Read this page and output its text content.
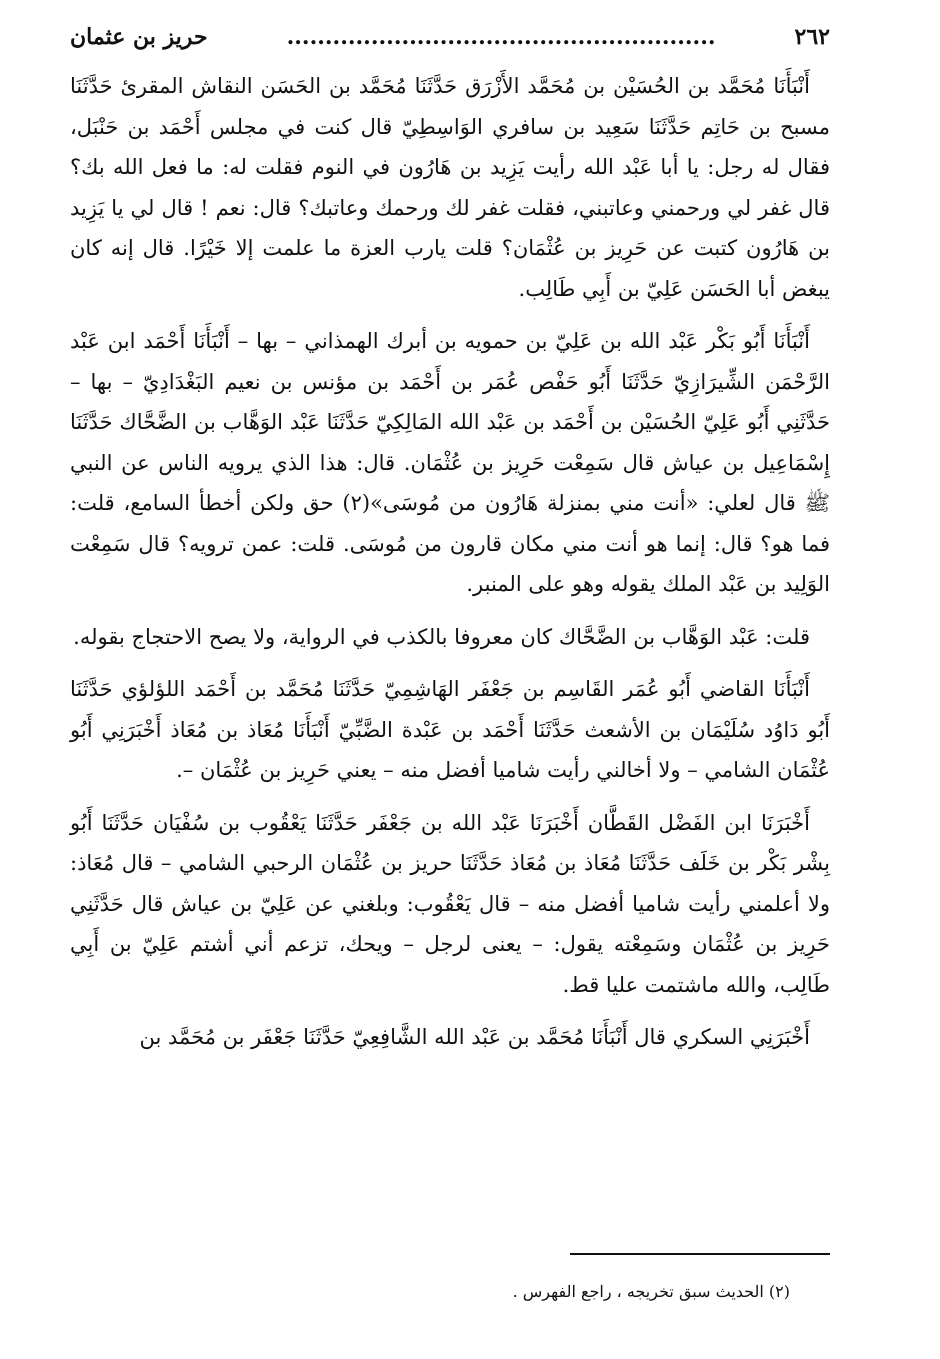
٢٦٢
........................................................
حريز بن عثمان

أَنْبَأَنَا مُحَمَّد بن الحُسَيْن بن مُحَمَّد الأَزْرَق حَدَّثَنَا مُحَمَّد بن الحَسَن النقاش المقرئ حَدَّثَنَا مسبح بن حَاتِم حَدَّثَنَا سَعِيد بن سافري الوَاسِطِيّ قال كنت في مجلس أَحْمَد بن حَنْبَل، فقال له رجل: يا أبا عَبْد الله رأيت يَزِيد بن هَارُون في النوم فقلت له: ما فعل الله بك؟ قال غفر لي ورحمني وعاتبني، فقلت غفر لك ورحمك وعاتبك؟ قال: نعم ! قال لي يا يَزِيد بن هَارُون كتبت عن حَرِيز بن عُثْمَان؟ قلت يارب العزة ما علمت إلا خَيْرًا. قال إنه كان يبغض أبا الحَسَن عَلِيّ بن أَبِي طَالِب.

أَنْبَأَنَا أَبُو بَكْر عَبْد الله بن عَلِيّ بن حمويه بن أبرك الهمذاني – بها – أَنْبَأَنَا أَحْمَد ابن عَبْد الرَّحْمَن الشِّيرَازِيّ حَدَّثَنَا أَبُو حَفْص عُمَر بن أَحْمَد بن مؤنس بن نعيم البَغْدَادِيّ – بها – حَدَّثَنِي أَبُو عَلِيّ الحُسَيْن بن أَحْمَد بن عَبْد الله المَالِكِيّ حَدَّثَنَا عَبْد الوَهَّاب بن الضَّحَّاك حَدَّثَنَا إِسْمَاعِيل بن عياش قال سَمِعْت حَرِيز بن عُثْمَان. قال: هذا الذي يرويه الناس عن النبي ﷺ قال لعلي: «أنت مني بمنزلة هَارُون من مُوسَى»(٢) حق ولكن أخطأ السامع، قلت: فما هو؟ قال: إنما هو أنت مني مكان قارون من مُوسَى. قلت: عمن ترويه؟ قال سَمِعْت الوَلِيد بن عَبْد الملك يقوله وهو على المنبر.

قلت: عَبْد الوَهَّاب بن الضَّحَّاك كان معروفا بالكذب في الرواية، ولا يصح الاحتجاج بقوله.

أَنْبَأَنَا القاضي أَبُو عُمَر القَاسِم بن جَعْفَر الهَاشِمِيّ حَدَّثَنَا مُحَمَّد بن أَحْمَد اللؤلؤي حَدَّثَنَا أَبُو دَاوُد سُلَيْمَان بن الأشعث حَدَّثَنَا أَحْمَد بن عَبْدة الضَّبِّيّ أَنْبَأَنَا مُعَاذ بن مُعَاذ أَخْبَرَنِي أَبُو عُثْمَان الشامي – ولا أخالني رأيت شاميا أفضل منه – يعني حَرِيز بن عُثْمَان –.

أَخْبَرَنَا ابن الفَضْل القَطَّان أَخْبَرَنَا عَبْد الله بن جَعْفَر حَدَّثَنَا يَعْقُوب بن سُفْيَان حَدَّثَنَا أَبُو بِشْر بَكْر بن خَلَف حَدَّثَنَا مُعَاذ بن مُعَاذ حَدَّثَنَا حريز بن عُثْمَان الرحبي الشامي – قال مُعَاذ: ولا أعلمني رأيت شاميا أفضل منه – قال يَعْقُوب: وبلغني عن عَلِيّ بن عياش قال حَدَّثَنِي حَرِيز بن عُثْمَان وسَمِعْته يقول: – يعنى لرجل – ويحك، تزعم أني أشتم عَلِيّ بن أَبِي طَالِب، والله ماشتمت عليا قط.

أَخْبَرَنِي السكري قال أَنْبَأَنَا مُحَمَّد بن عَبْد الله الشَّافِعِيّ حَدَّثَنَا جَعْفَر بن مُحَمَّد بن

(٢) الحديث سبق تخريجه ، راجع الفهرس .
